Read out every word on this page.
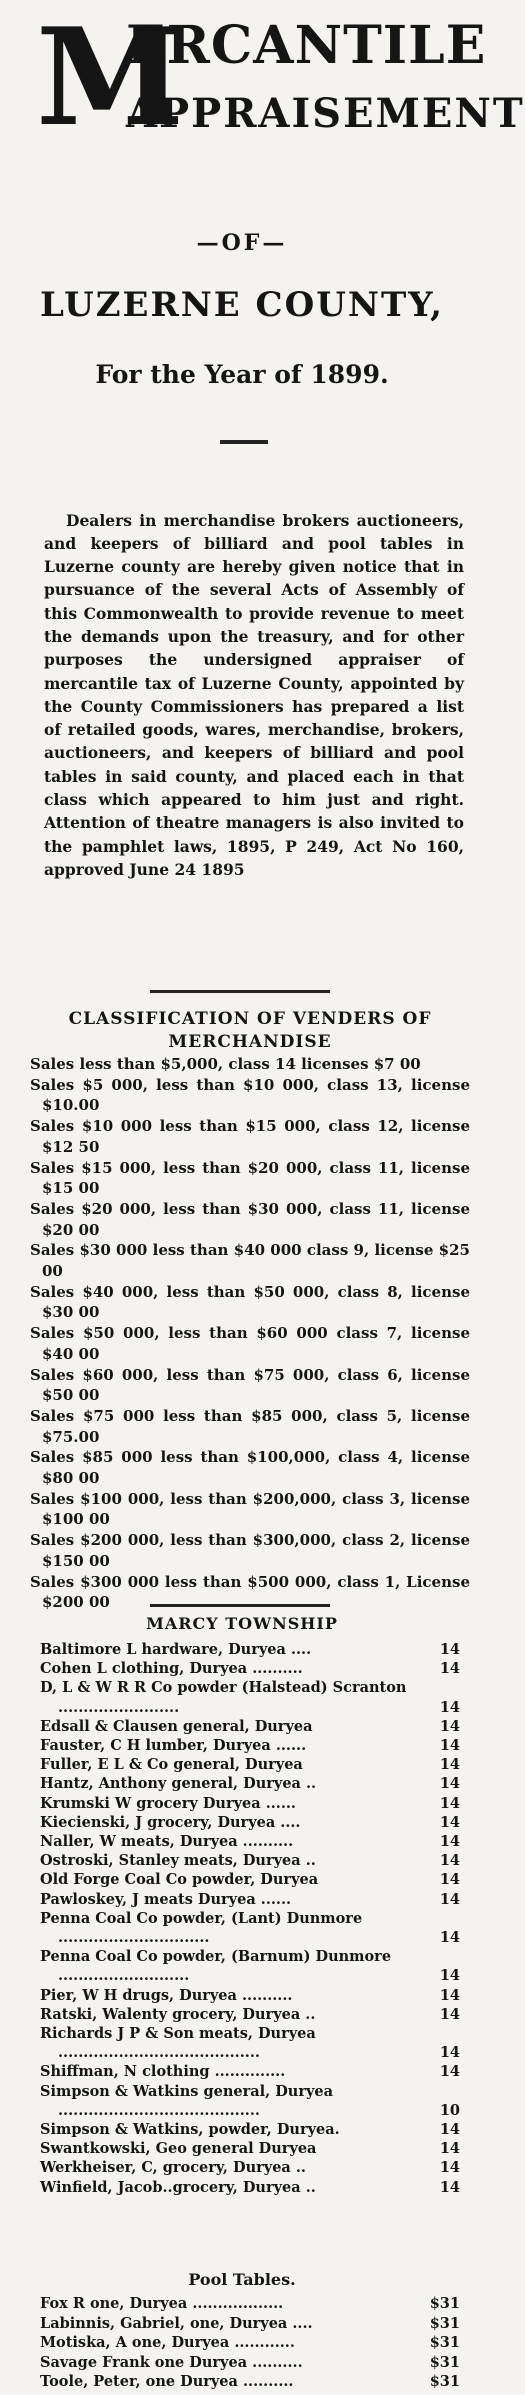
M
ERCANTILE
APPRAISEMENT
—OF—
LUZERNE COUNTY,
For the Year of 1899.

Dealers in merchandise brokers auctioneers, and keepers of billiard and pool tables in Luzerne county are hereby given notice that in pursuance of the several Acts of Assembly of this Commonwealth to provide revenue to meet the demands upon the treasury, and for other purposes the undersigned appraiser of mercantile tax of Luzerne County, appointed by the County Commissioners has prepared a list of retailed goods, wares, merchandise, brokers, auctioneers, and keepers of billiard and pool tables in said county, and placed each in that class which appeared to him just and right. Attention of theatre managers is also invited to the pamphlet laws, 1895, P 249, Act No 160, approved June 24 1895

CLASSIFICATION OF VENDERS OF MERCHANDISE
Sales less than $5,000, class 14 licenses $7 00
Sales $5 000, less than $10 000, class 13, license $10.00
Sales $10 000 less than $15 000, class 12, license $12 50
Sales $15 000, less than $20 000, class 11, license $15 00
Sales $20 000, less than $30 000, class 11, license $20 00
Sales $30 000 less than $40 000 class 9, license $25 00
Sales $40 000, less than $50 000, class 8, license $30 00
Sales $50 000, less than $60 000 class 7, license $40 00
Sales $60 000, less than $75 000, class 6, license $50 00
Sales $75 000 less than $85 000, class 5, license $75.00
Sales $85 000 less than $100,000, class 4, license $80 00
Sales $100 000, less than $200,000, class 3, license $100 00
Sales $200 000, less than $300,000, class 2, license $150 00
Sales $300 000 less than $500 000, class 1, License $200 00
MARCY TOWNSHIP
Baltimore L hardware, Duryea ....	14
Cohen L clothing, Duryea ..........	14
D, L & W R R Co powder (Halstead) Scranton ........................	14
Edsall & Clausen general, Duryea	14
Fauster, C H lumber, Duryea ......	14
Fuller, E L & Co general, Duryea	14
Hantz, Anthony general, Duryea ..	14
Krumski W grocery Duryea ......	14
Kiecienski, J grocery, Duryea ....	14
Naller, W meats, Duryea ..........	14
Ostroski, Stanley meats, Duryea ..	14
Old Forge Coal Co powder, Duryea	14
Pawloskey, J meats Duryea ......	14
Penna Coal Co powder, (Lant) Dunmore ..............................	14
Penna Coal Co powder, (Barnum) Dunmore ..........................	14
Pier, W H drugs, Duryea ..........	14
Ratski, Walenty grocery, Duryea ..	14
Richards J P & Son meats, Duryea ........................................	14
Shiffman, N clothing ..............	14
Simpson & Watkins general, Duryea ........................................	10
Simpson & Watkins, powder, Duryea.	14
Swantkowski, Geo general Duryea	14
Werkheiser, C, grocery, Duryea ..	14
Winfield, Jacob..grocery, Duryea ..	14
Pool Tables.
Fox R one, Duryea ..................	$31
Labinnis, Gabriel, one, Duryea ....	$31
Motiska, A one, Duryea ............	$31
Savage Frank one Duryea ..........	$31
Toole, Peter, one Duryea ..........	$31
